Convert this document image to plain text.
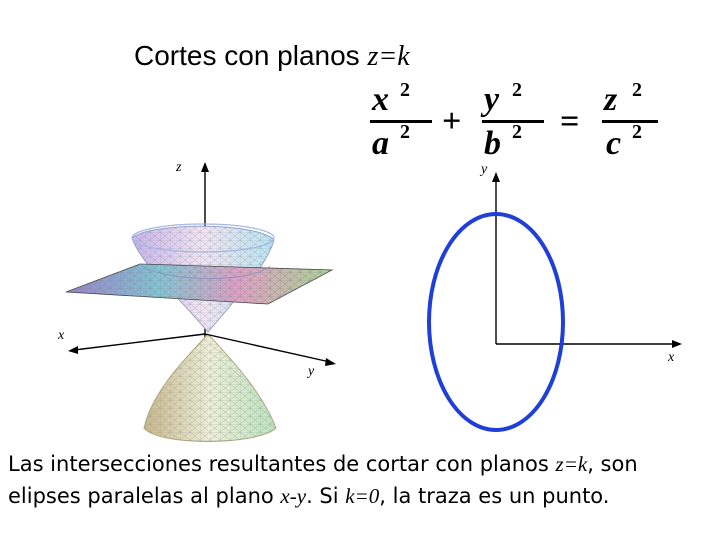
Cortes con planos z=k
x 2
a 2 +
y 2
b 2 =
z 2
c 2
z
x
y
y
x
Las intersecciones resultantes de cortar con planos z=k, son elipses paralelas al plano x-y. Si k=0, la traza es un punto.
